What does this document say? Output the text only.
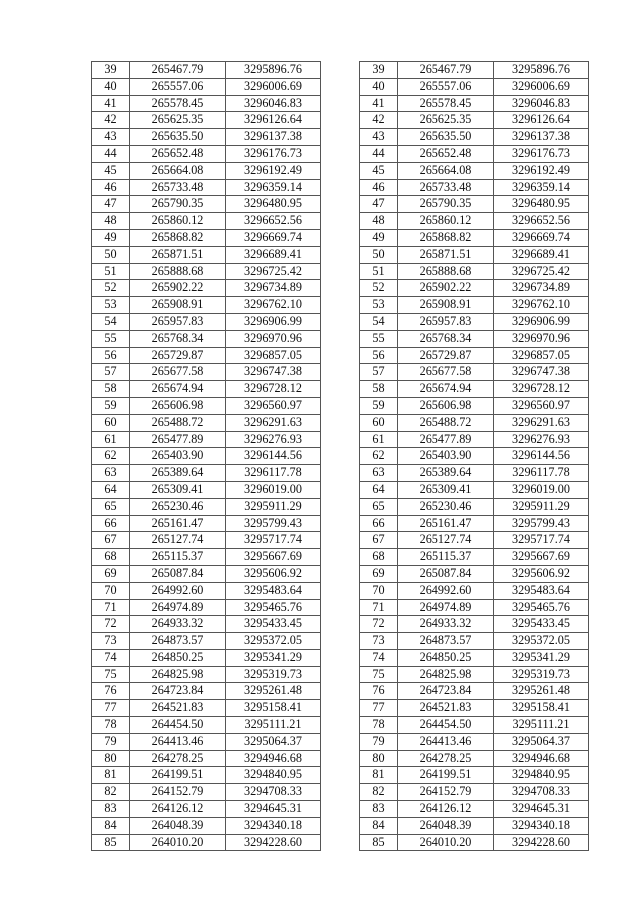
39	265467.79	3295896.76
40	265557.06	3296006.69
41	265578.45	3296046.83
42	265625.35	3296126.64
43	265635.50	3296137.38
44	265652.48	3296176.73
45	265664.08	3296192.49
46	265733.48	3296359.14
47	265790.35	3296480.95
48	265860.12	3296652.56
49	265868.82	3296669.74
50	265871.51	3296689.41
51	265888.68	3296725.42
52	265902.22	3296734.89
53	265908.91	3296762.10
54	265957.83	3296906.99
55	265768.34	3296970.96
56	265729.87	3296857.05
57	265677.58	3296747.38
58	265674.94	3296728.12
59	265606.98	3296560.97
60	265488.72	3296291.63
61	265477.89	3296276.93
62	265403.90	3296144.56
63	265389.64	3296117.78
64	265309.41	3296019.00
65	265230.46	3295911.29
66	265161.47	3295799.43
67	265127.74	3295717.74
68	265115.37	3295667.69
69	265087.84	3295606.92
70	264992.60	3295483.64
71	264974.89	3295465.76
72	264933.32	3295433.45
73	264873.57	3295372.05
74	264850.25	3295341.29
75	264825.98	3295319.73
76	264723.84	3295261.48
77	264521.83	3295158.41
78	264454.50	3295111.21
79	264413.46	3295064.37
80	264278.25	3294946.68
81	264199.51	3294840.95
82	264152.79	3294708.33
83	264126.12	3294645.31
84	264048.39	3294340.18
85	264010.20	3294228.60
39	265467.79	3295896.76
40	265557.06	3296006.69
41	265578.45	3296046.83
42	265625.35	3296126.64
43	265635.50	3296137.38
44	265652.48	3296176.73
45	265664.08	3296192.49
46	265733.48	3296359.14
47	265790.35	3296480.95
48	265860.12	3296652.56
49	265868.82	3296669.74
50	265871.51	3296689.41
51	265888.68	3296725.42
52	265902.22	3296734.89
53	265908.91	3296762.10
54	265957.83	3296906.99
55	265768.34	3296970.96
56	265729.87	3296857.05
57	265677.58	3296747.38
58	265674.94	3296728.12
59	265606.98	3296560.97
60	265488.72	3296291.63
61	265477.89	3296276.93
62	265403.90	3296144.56
63	265389.64	3296117.78
64	265309.41	3296019.00
65	265230.46	3295911.29
66	265161.47	3295799.43
67	265127.74	3295717.74
68	265115.37	3295667.69
69	265087.84	3295606.92
70	264992.60	3295483.64
71	264974.89	3295465.76
72	264933.32	3295433.45
73	264873.57	3295372.05
74	264850.25	3295341.29
75	264825.98	3295319.73
76	264723.84	3295261.48
77	264521.83	3295158.41
78	264454.50	3295111.21
79	264413.46	3295064.37
80	264278.25	3294946.68
81	264199.51	3294840.95
82	264152.79	3294708.33
83	264126.12	3294645.31
84	264048.39	3294340.18
85	264010.20	3294228.60
